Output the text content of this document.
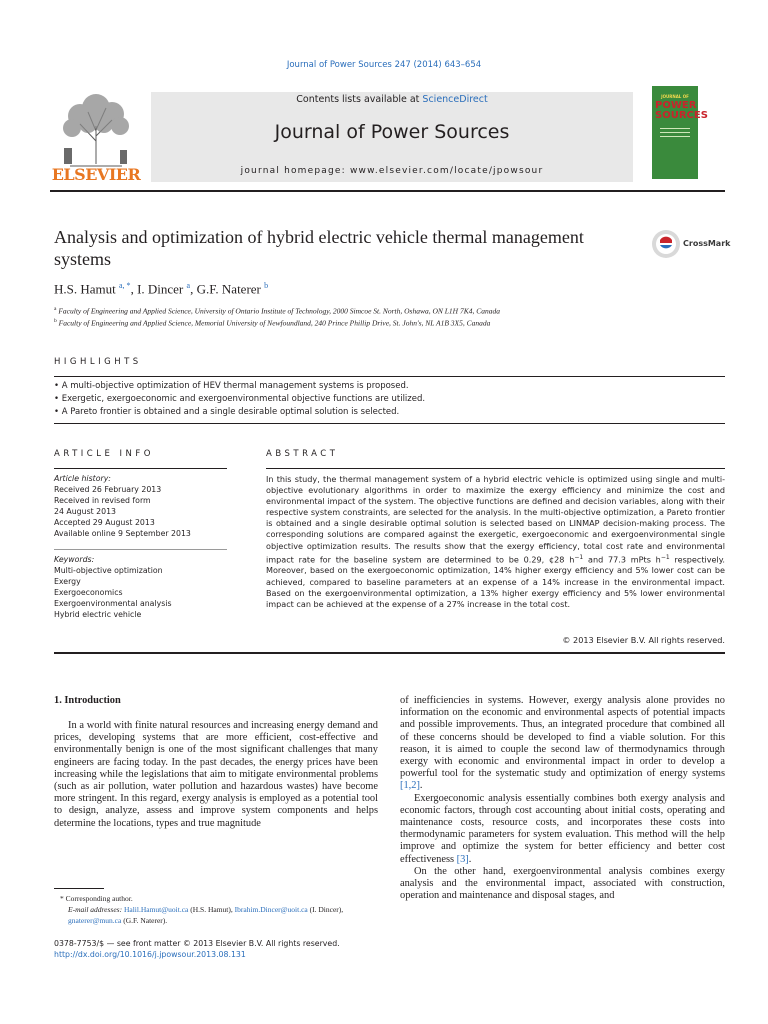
Journal of Power Sources 247 (2014) 643–654
ELSEVIER
Contents lists available at ScienceDirect
Journal of Power Sources
journal homepage: www.elsevier.com/locate/jpowsour
JOURNAL OF
POWER
SOURCES
Analysis and optimization of hybrid electric vehicle thermal management systems
CrossMark
H.S. Hamut $^{a, *}$, I. Dincer $^a$, G.F. Naterer $^b$
$^a$ Faculty of Engineering and Applied Science, University of Ontario Institute of Technology, 2000 Simcoe St. North, Oshawa, ON L1H 7K4, Canada
$^b$ Faculty of Engineering and Applied Science, Memorial University of Newfoundland, 240 Prince Phillip Drive, St. John's, NL A1B 3X5, Canada
HIGHLIGHTS
• A multi-objective optimization of HEV thermal management systems is proposed.
• Exergetic, exergoeconomic and exergoenvironmental objective functions are utilized.
• A Pareto frontier is obtained and a single desirable optimal solution is selected.
ARTICLE INFO
Article history:
Received 26 February 2013
Received in revised form
24 August 2013
Accepted 29 August 2013
Available online 9 September 2013
Keywords:
Multi-objective optimization
Exergy
Exergoeconomics
Exergoenvironmental analysis
Hybrid electric vehicle
ABSTRACT
In this study, the thermal management system of a hybrid electric vehicle is optimized using single and multi-objective evolutionary algorithms in order to maximize the exergy efficiency and minimize the cost and environmental impact of the system. The objective functions are defined and decision variables, along with their respective system constraints, are selected for the analysis. In the multi-objective optimization, a Pareto frontier is obtained and a single desirable optimal solution is selected based on LINMAP decision-making process. The corresponding solutions are compared against the exergetic, exergoeconomic and exergoenvironmental single objective optimization results. The results show that the exergy efficiency, total cost rate and environmental impact rate for the baseline system are determined to be 0.29, ¢28 $h^{-1}$ and 77.3 mPts $h^{-1}$ respectively. Moreover, based on the exergoeconomic optimization, 14% higher exergy efficiency and 5% lower cost can be achieved, compared to baseline parameters at an expense of a 14% increase in the environmental impact. Based on the exergoenvironmental optimization, a 13% higher exergy efficiency and 5% lower environmental impact can be achieved at the expense of a 27% increase in the total cost.
© 2013 Elsevier B.V. All rights reserved.
1. Introduction

In a world with finite natural resources and increasing energy demand and prices, developing systems that are more efficient, cost-effective and environmentally benign is one of the most significant challenges that many engineers are facing today. In the past decades, the energy prices have been increasing while the legislations that aim to mitigate environmental problems (such as air pollution, water pollution and hazardous wastes) have become more stringent. In this regard, exergy analysis is employed as a potential tool to design, analyze, assess and improve system components and helps determine the locations, types and true magnitude

of inefficiencies in systems. However, exergy analysis alone provides no information on the economic and environmental aspects of potential impacts and possible improvements. Thus, an integrated procedure that combined all of these concerns should be developed to find a viable solution. For this reason, it is aimed to couple the second law of thermodynamics through exergy with economic and environmental impact in order to develop a powerful tool for the systematic study and optimization of energy systems [1,2].

Exergoeconomic analysis essentially combines both exergy analysis and economic factors, through cost accounting about initial costs, operating and maintenance costs, resource costs, and incorporates these costs into thermodynamic parameters for system evaluation. This method will the help improve and optimize the system for better efficiency and better cost effectiveness [3].

On the other hand, exergoenvironmental analysis combines exergy analysis and the environmental impact, associated with construction, operation and maintenance and disposal stages, and

* Corresponding author.
E-mail addresses: Halil.Hamut@uoit.ca (H.S. Hamut), Ibrahim.Dincer@uoit.ca (I. Dincer), gnaterer@mun.ca (G.F. Naterer).
0378-7753/$ — see front matter © 2013 Elsevier B.V. All rights reserved.
http://dx.doi.org/10.1016/j.jpowsour.2013.08.131
